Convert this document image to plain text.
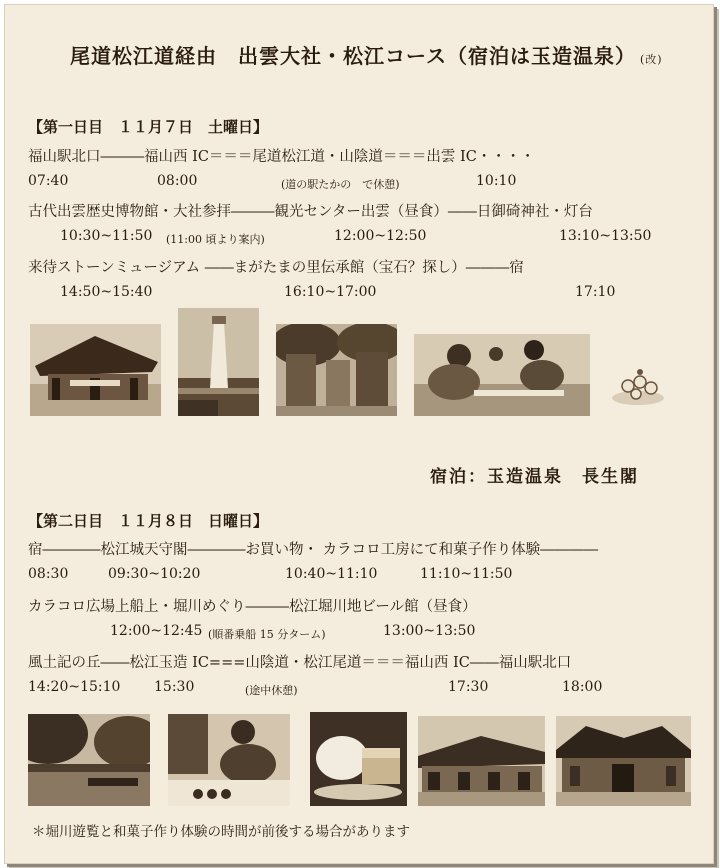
尾道松江道経由　出雲大社・松江コース（宿泊は玉造温泉） (改)
【第一日目　１１月７日　土曜日】
福山駅北口―――福山西 IC＝＝＝尾道松江道・山陰道＝＝＝出雲 IC・・・・
07:40	08:00	(道の駅たかの　で休憩)	10:10
古代出雲歴史博物館・大社参拝―――観光センター出雲（昼食）――日御碕神社・灯台
10:30~11:50 (11:00 頃より案内)	12:00~12:50	13:10~13:50
来待ストーンミュージアム ――まがたまの里伝承館（宝石？探し）―――宿
14:50~15:40	16:10~17:00	17:10
宿泊：玉造温泉　長生閣
【第二日目　１１月８日　日曜日】
宿――――松江城天守閣――――お買い物・ カラコロ工房にて和菓子作り体験――――
08:30	09:30~10:20	10:40~11:10	11:10~11:50
カラコロ広場上船上・堀川めぐり―――松江堀川地ビール館（昼食）
12:00~12:45 (順番乗船 15 分ターム)	13:00~13:50
風土記の丘――松江玉造 IC===山陰道・松江尾道＝＝＝福山西 IC――福山駅北口
14:20~15:10 15:30	(途中休憩)	17:30	18:00
＊堀川遊覧と和菓子作り体験の時間が前後する場合があります
